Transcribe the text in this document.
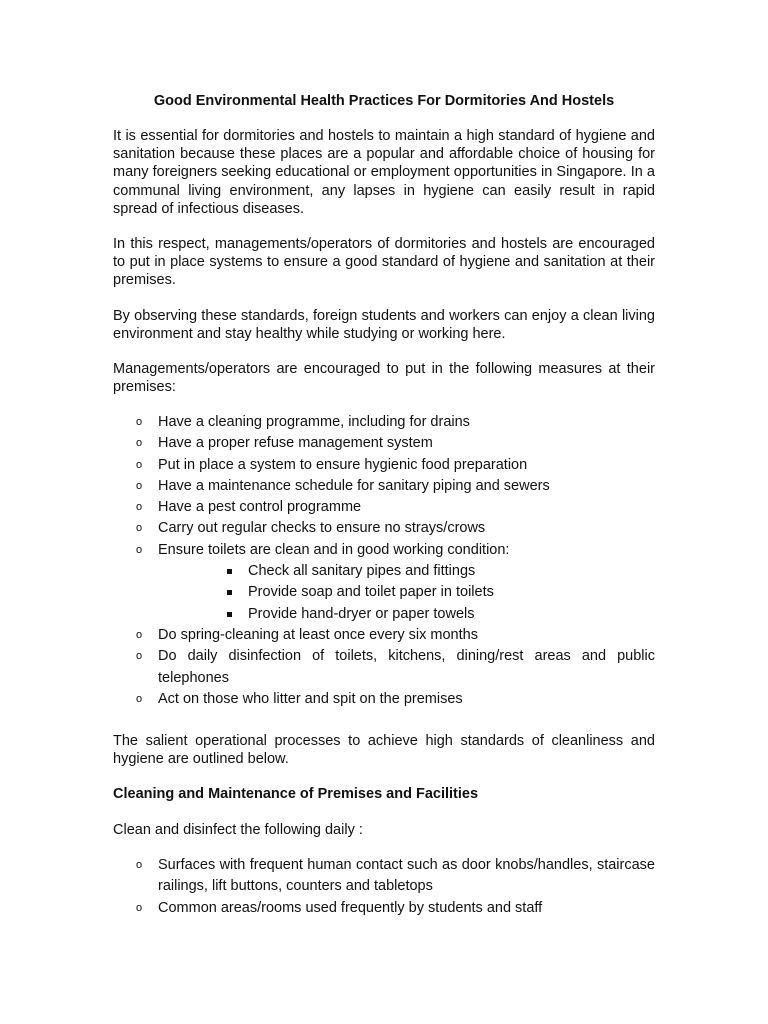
Good Environmental Health Practices For Dormitories And Hostels

It is essential for dormitories and hostels to maintain a high standard of hygiene and sanitation because these places are a popular and affordable choice of housing for many foreigners seeking educational or employment opportunities in Singapore. In a communal living environment, any lapses in hygiene can easily result in rapid spread of infectious diseases.

In this respect, managements/operators of dormitories and hostels are encouraged to put in place systems to ensure a good standard of hygiene and sanitation at their premises.

By observing these standards, foreign students and workers can enjoy a clean living environment and stay healthy while studying or working here.

Managements/operators are encouraged to put in the following measures at their premises:

o Have a cleaning programme, including for drains
o Have a proper refuse management system
o Put in place a system to ensure hygienic food preparation
o Have a maintenance schedule for sanitary piping and sewers
o Have a pest control programme
o Carry out regular checks to ensure no strays/crows
o Ensure toilets are clean and in good working condition:
Check all sanitary pipes and fittings
Provide soap and toilet paper in toilets
Provide hand-dryer or paper towels
o Do spring-cleaning at least once every six months
o Do daily disinfection of toilets, kitchens, dining/rest areas and public telephones
o Act on those who litter and spit on the premises

The salient operational processes to achieve high standards of cleanliness and hygiene are outlined below.

Cleaning and Maintenance of Premises and Facilities

Clean and disinfect the following daily :

o Surfaces with frequent human contact such as door knobs/handles, staircase railings, lift buttons, counters and tabletops
o Common areas/rooms used frequently by students and staff
